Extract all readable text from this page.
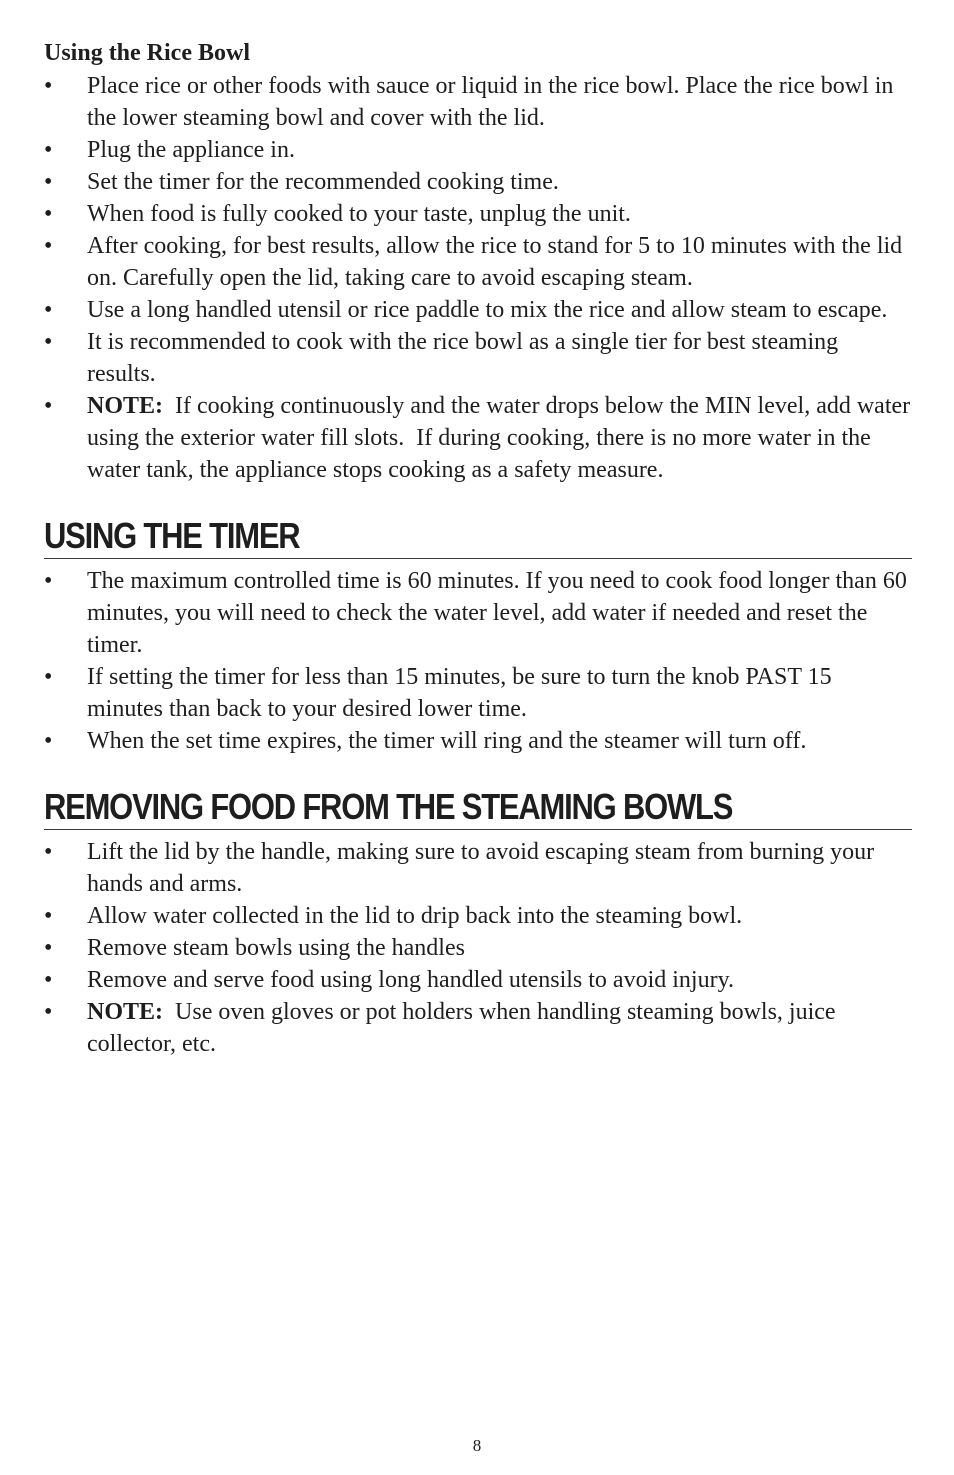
Using the Rice Bowl
•	Place rice or other foods with sauce or liquid in the rice bowl. Place the rice bowl in the lower steaming bowl and cover with the lid.
•	Plug the appliance in.
•	Set the timer for the recommended cooking time.
•	When food is fully cooked to your taste, unplug the unit.
•	After cooking, for best results, allow the rice to stand for 5 to 10 minutes with the lid on. Carefully open the lid, taking care to avoid escaping steam.
•	Use a long handled utensil or rice paddle to mix the rice and allow steam to escape.
•	It is recommended to cook with the rice bowl as a single tier for best steaming results.
•	NOTE:  If cooking continuously and the water drops below the MIN level, add water using the exterior water fill slots.  If during cooking, there is no more water in the water tank, the appliance stops cooking as a safety measure.
USING THE TIMER
•	The maximum controlled time is 60 minutes. If you need to cook food longer than 60 minutes, you will need to check the water level, add water if needed and reset the timer.
•	If setting the timer for less than 15 minutes, be sure to turn the knob PAST 15 minutes than back to your desired lower time.
•	When the set time expires, the timer will ring and the steamer will turn off.
REMOVING FOOD FROM THE STEAMING BOWLS
•	Lift the lid by the handle, making sure to avoid escaping steam from burning your hands and arms.
•	Allow water collected in the lid to drip back into the steaming bowl.
•	Remove steam bowls using the handles
•	Remove and serve food using long handled utensils to avoid injury.
•	NOTE:  Use oven gloves or pot holders when handling steaming bowls, juice collector, etc.
8
